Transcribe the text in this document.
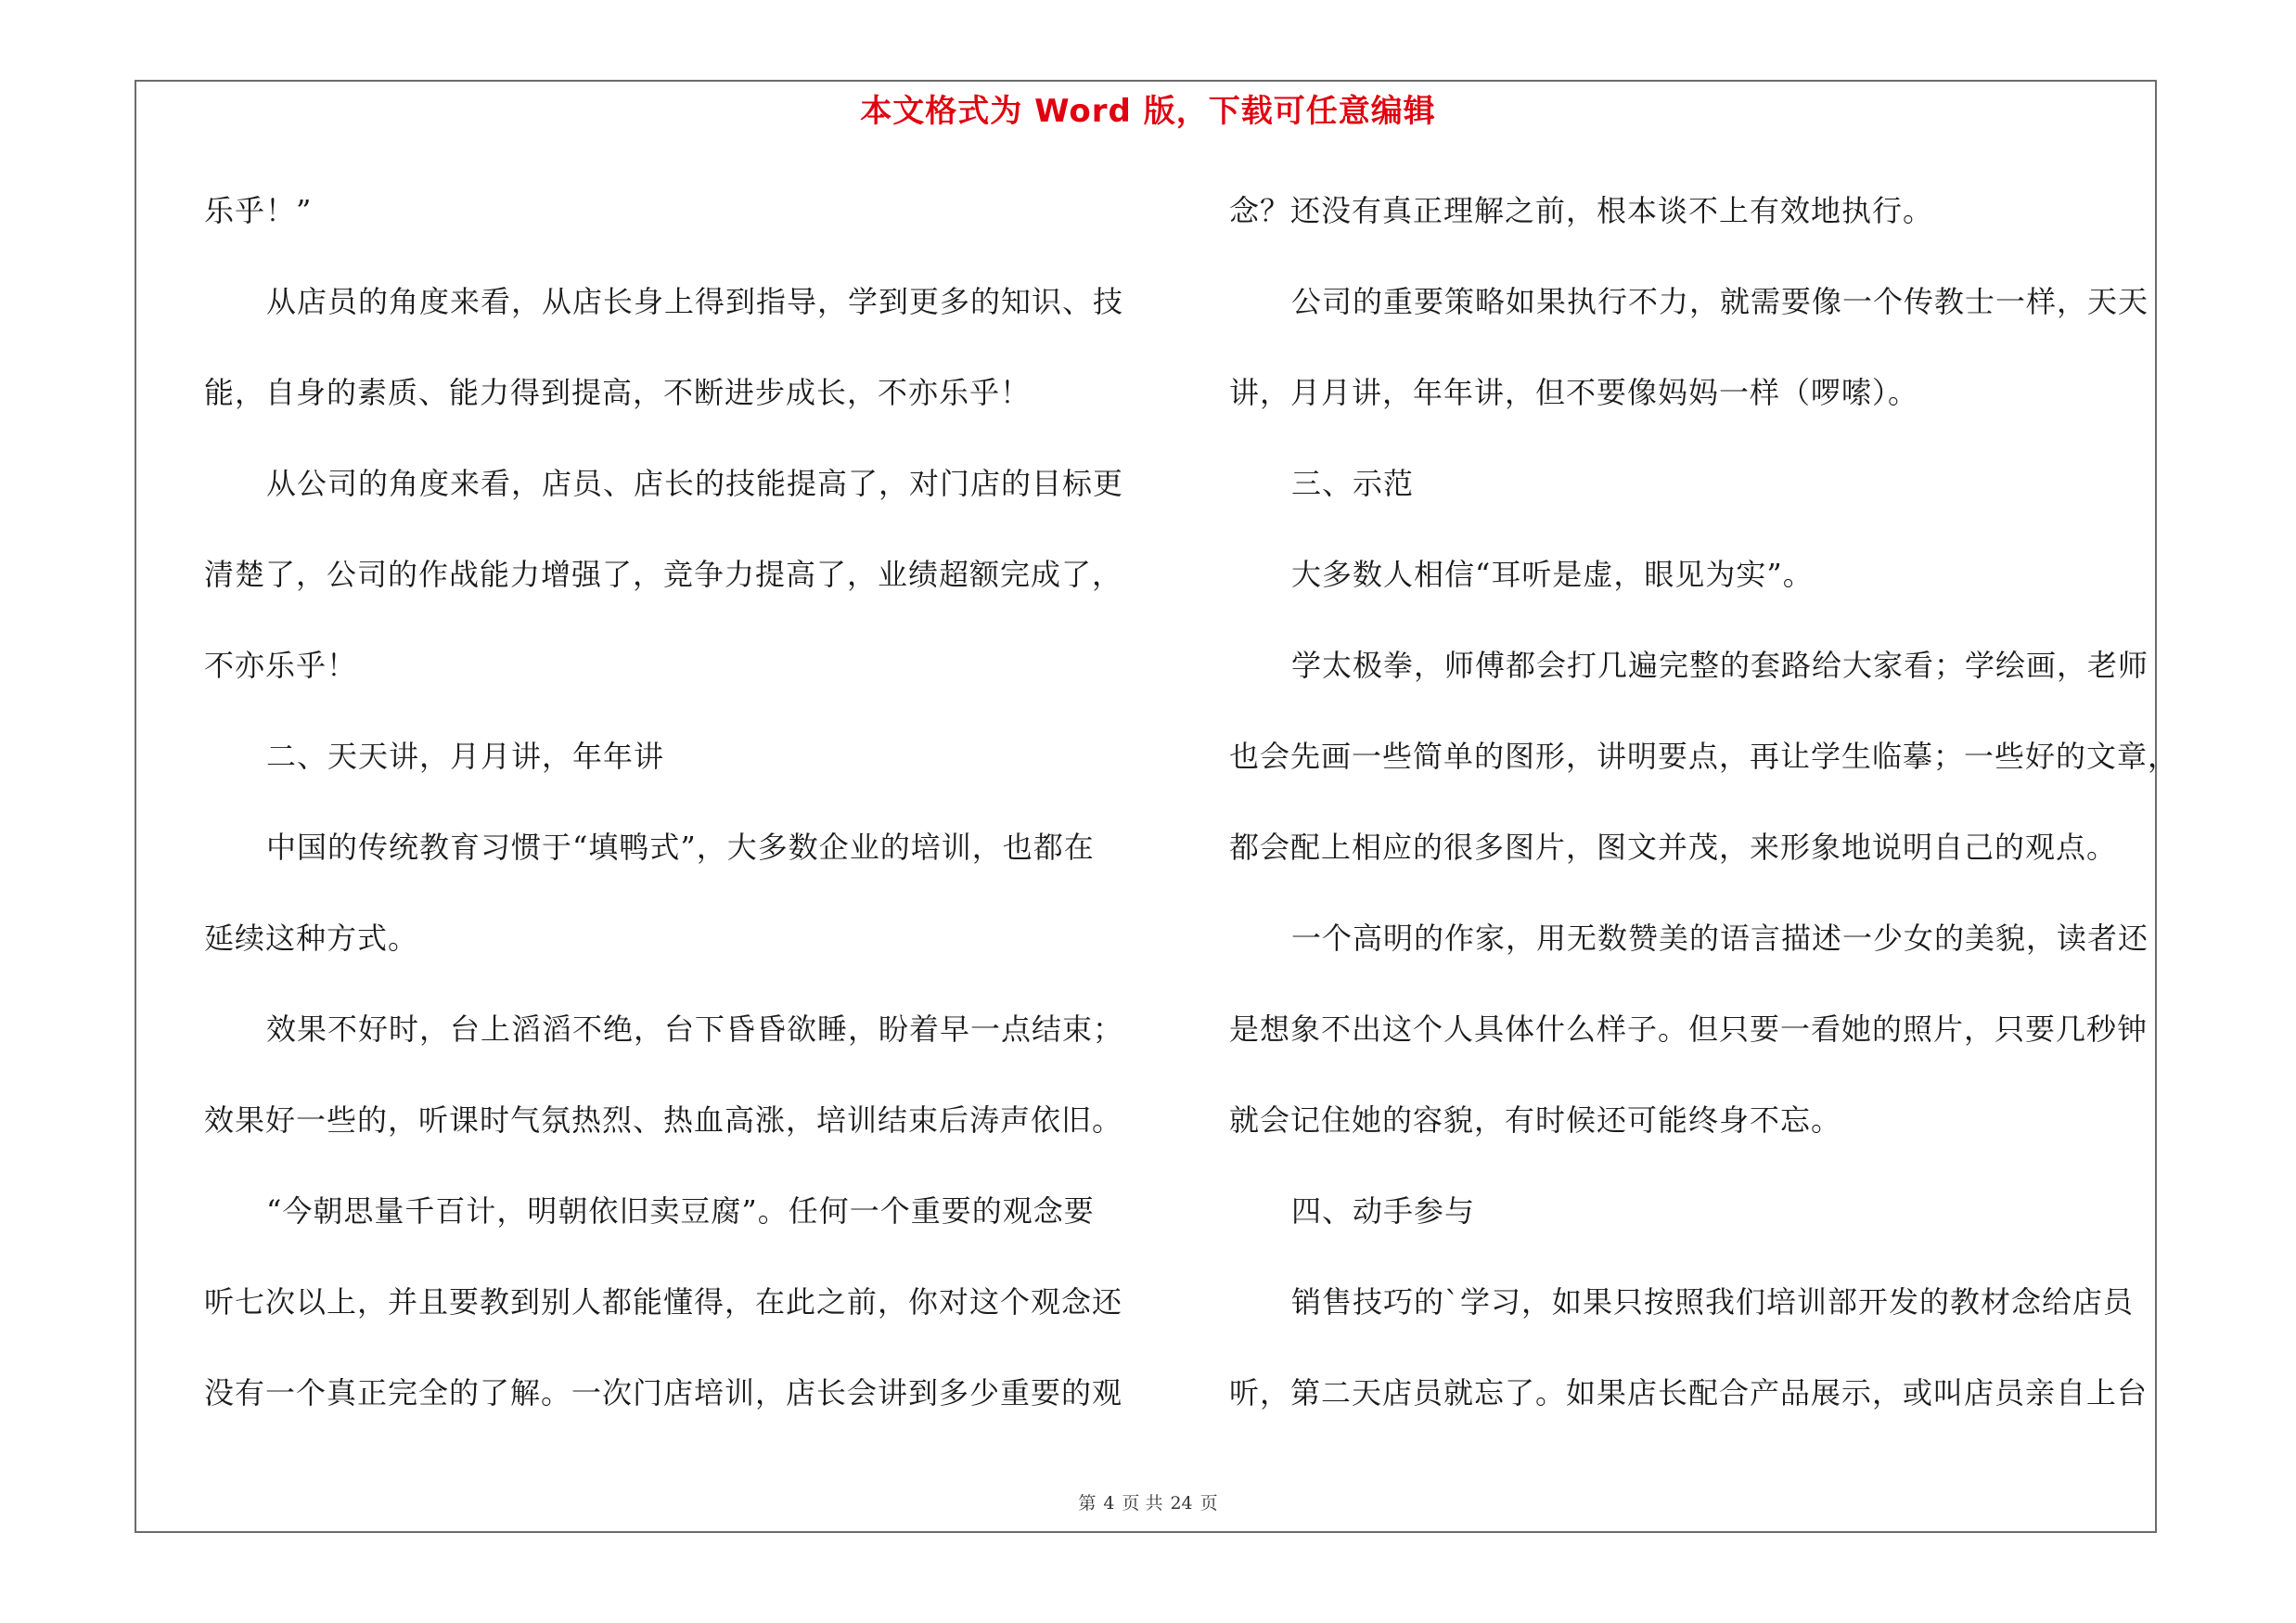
本文格式为 Word 版，下载可任意编辑
乐乎！”
从店员的角度来看，从店长身上得到指导，学到更多的知识、技
能，自身的素质、能力得到提高，不断进步成长，不亦乐乎！
从公司的角度来看，店员、店长的技能提高了，对门店的目标更
清楚了，公司的作战能力增强了，竞争力提高了，业绩超额完成了，
不亦乐乎！
二、天天讲，月月讲，年年讲
中国的传统教育习惯于“填鸭式”，大多数企业的培训，也都在
延续这种方式。
效果不好时，台上滔滔不绝，台下昏昏欲睡，盼着早一点结束；
效果好一些的，听课时气氛热烈、热血高涨，培训结束后涛声依旧。
“今朝思量千百计，明朝依旧卖豆腐”。任何一个重要的观念要
听七次以上，并且要教到别人都能懂得，在此之前，你对这个观念还
没有一个真正完全的了解。一次门店培训，店长会讲到多少重要的观
念？还没有真正理解之前，根本谈不上有效地执行。
公司的重要策略如果执行不力，就需要像一个传教士一样，天天
讲，月月讲，年年讲，但不要像妈妈一样（啰嗦）。
三、示范
大多数人相信“耳听是虚，眼见为实”。
学太极拳，师傅都会打几遍完整的套路给大家看；学绘画，老师
也会先画一些简单的图形，讲明要点，再让学生临摹；一些好的文章，
都会配上相应的很多图片，图文并茂，来形象地说明自己的观点。
一个高明的作家，用无数赞美的语言描述一少女的美貌，读者还
是想象不出这个人具体什么样子。但只要一看她的照片，只要几秒钟
就会记住她的容貌，有时候还可能终身不忘。
四、动手参与
销售技巧的`学习，如果只按照我们培训部开发的教材念给店员
听，第二天店员就忘了。如果店长配合产品展示，或叫店员亲自上台
第 4 页 共 24 页
